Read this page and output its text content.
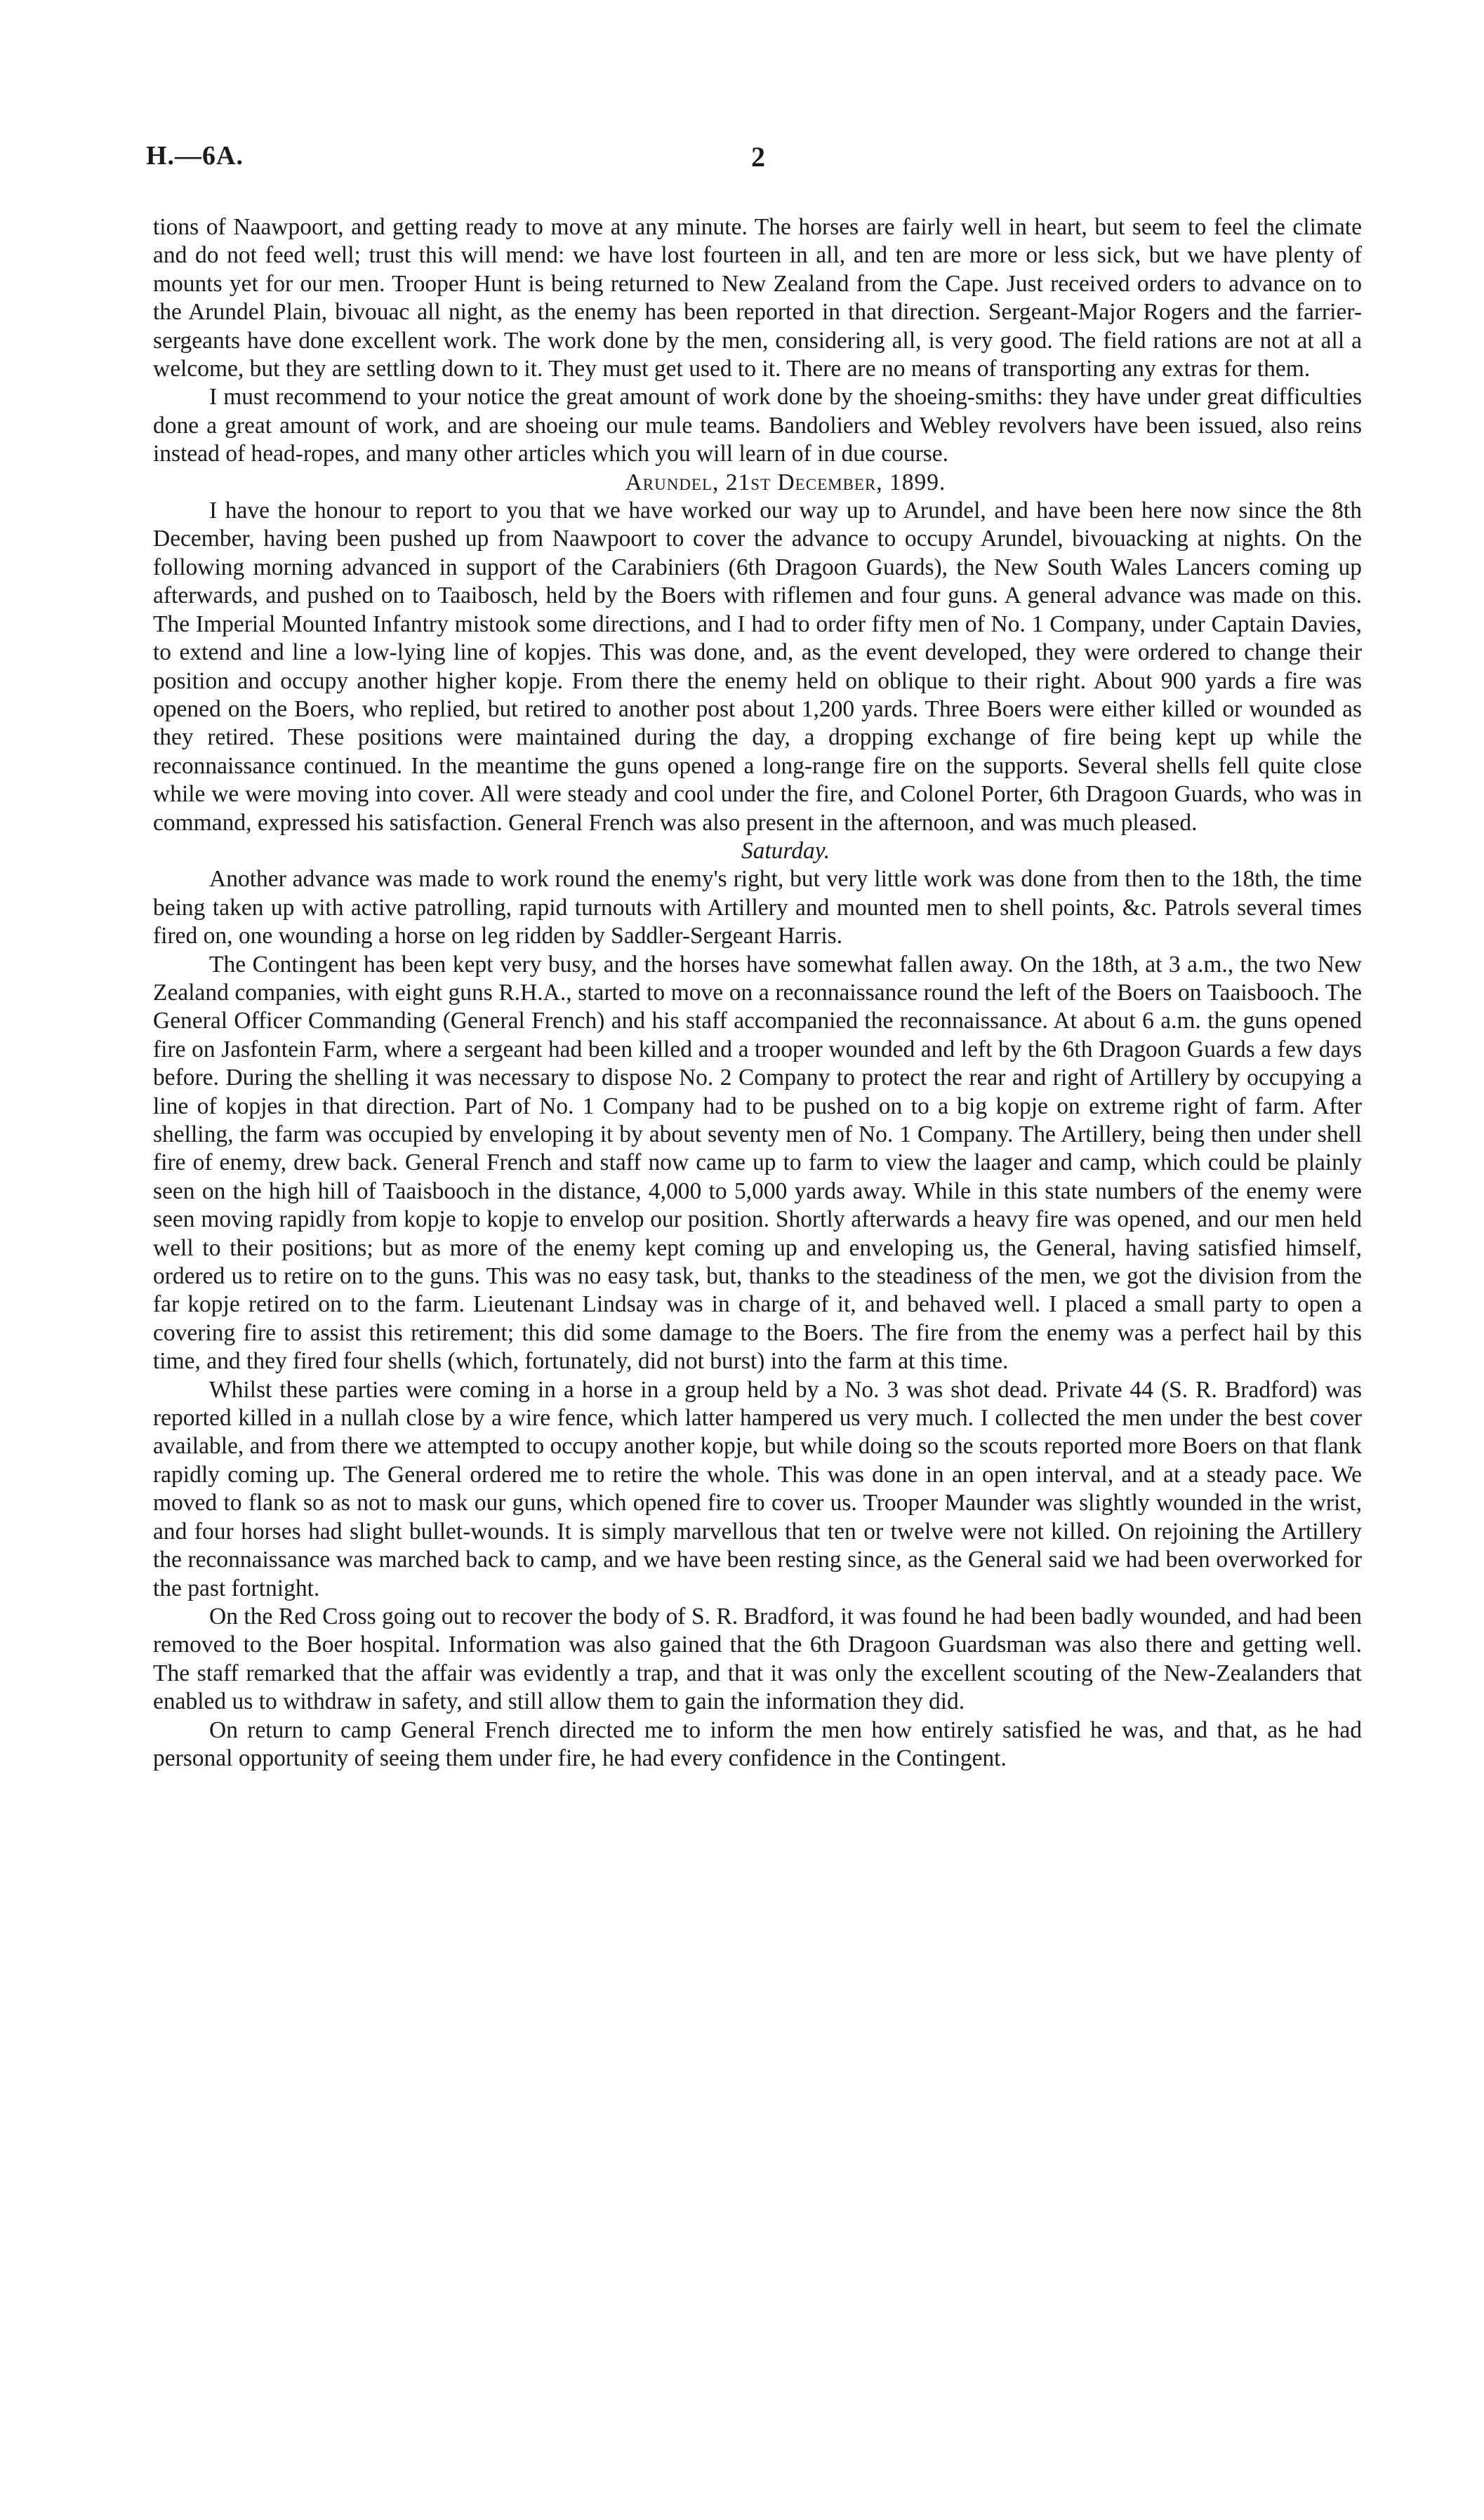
H.—6A.	2

tions of Naawpoort, and getting ready to move at any minute. The horses are fairly well in heart, but seem to feel the climate and do not feed well; trust this will mend: we have lost fourteen in all, and ten are more or less sick, but we have plenty of mounts yet for our men. Trooper Hunt is being returned to New Zealand from the Cape. Just received orders to advance on to the Arundel Plain, bivouac all night, as the enemy has been reported in that direction. Sergeant-Major Rogers and the farrier-sergeants have done excellent work. The work done by the men, considering all, is very good. The field rations are not at all a welcome, but they are settling down to it. They must get used to it. There are no means of transporting any extras for them.

I must recommend to your notice the great amount of work done by the shoeing-smiths: they have under great difficulties done a great amount of work, and are shoeing our mule teams. Bandoliers and Webley revolvers have been issued, also reins instead of head-ropes, and many other articles which you will learn of in due course.

Arundel, 21st December, 1899.

I have the honour to report to you that we have worked our way up to Arundel, and have been here now since the 8th December, having been pushed up from Naawpoort to cover the advance to occupy Arundel, bivouacking at nights. On the following morning advanced in support of the Carabiniers (6th Dragoon Guards), the New South Wales Lancers coming up afterwards, and pushed on to Taaibosch, held by the Boers with riflemen and four guns. A general advance was made on this. The Imperial Mounted Infantry mistook some directions, and I had to order fifty men of No. 1 Company, under Captain Davies, to extend and line a low-lying line of kopjes. This was done, and, as the event developed, they were ordered to change their position and occupy another higher kopje. From there the enemy held on oblique to their right. About 900 yards a fire was opened on the Boers, who replied, but retired to another post about 1,200 yards. Three Boers were either killed or wounded as they retired. These positions were maintained during the day, a dropping exchange of fire being kept up while the reconnaissance continued. In the meantime the guns opened a long-range fire on the supports. Several shells fell quite close while we were moving into cover. All were steady and cool under the fire, and Colonel Porter, 6th Dragoon Guards, who was in command, expressed his satisfaction. General French was also present in the afternoon, and was much pleased.

Saturday.

Another advance was made to work round the enemy's right, but very little work was done from then to the 18th, the time being taken up with active patrolling, rapid turnouts with Artillery and mounted men to shell points, &c. Patrols several times fired on, one wounding a horse on leg ridden by Saddler-Sergeant Harris.

The Contingent has been kept very busy, and the horses have somewhat fallen away. On the 18th, at 3 a.m., the two New Zealand companies, with eight guns R.H.A., started to move on a reconnaissance round the left of the Boers on Taaisbooch. The General Officer Commanding (General French) and his staff accompanied the reconnaissance. At about 6 a.m. the guns opened fire on Jasfontein Farm, where a sergeant had been killed and a trooper wounded and left by the 6th Dragoon Guards a few days before. During the shelling it was necessary to dispose No. 2 Company to protect the rear and right of Artillery by occupying a line of kopjes in that direction. Part of No. 1 Company had to be pushed on to a big kopje on extreme right of farm. After shelling, the farm was occupied by enveloping it by about seventy men of No. 1 Company. The Artillery, being then under shell fire of enemy, drew back. General French and staff now came up to farm to view the laager and camp, which could be plainly seen on the high hill of Taaisbooch in the distance, 4,000 to 5,000 yards away. While in this state numbers of the enemy were seen moving rapidly from kopje to kopje to envelop our position. Shortly afterwards a heavy fire was opened, and our men held well to their positions; but as more of the enemy kept coming up and enveloping us, the General, having satisfied himself, ordered us to retire on to the guns. This was no easy task, but, thanks to the steadiness of the men, we got the division from the far kopje retired on to the farm. Lieutenant Lindsay was in charge of it, and behaved well. I placed a small party to open a covering fire to assist this retirement; this did some damage to the Boers. The fire from the enemy was a perfect hail by this time, and they fired four shells (which, fortunately, did not burst) into the farm at this time.

Whilst these parties were coming in a horse in a group held by a No. 3 was shot dead. Private 44 (S. R. Bradford) was reported killed in a nullah close by a wire fence, which latter hampered us very much. I collected the men under the best cover available, and from there we attempted to occupy another kopje, but while doing so the scouts reported more Boers on that flank rapidly coming up. The General ordered me to retire the whole. This was done in an open interval, and at a steady pace. We moved to flank so as not to mask our guns, which opened fire to cover us. Trooper Maunder was slightly wounded in the wrist, and four horses had slight bullet-wounds. It is simply marvellous that ten or twelve were not killed. On rejoining the Artillery the reconnaissance was marched back to camp, and we have been resting since, as the General said we had been overworked for the past fortnight.

On the Red Cross going out to recover the body of S. R. Bradford, it was found he had been badly wounded, and had been removed to the Boer hospital. Information was also gained that the 6th Dragoon Guardsman was also there and getting well. The staff remarked that the affair was evidently a trap, and that it was only the excellent scouting of the New-Zealanders that enabled us to withdraw in safety, and still allow them to gain the information they did.

On return to camp General French directed me to inform the men how entirely satisfied he was, and that, as he had personal opportunity of seeing them under fire, he had every confidence in the Contingent.
